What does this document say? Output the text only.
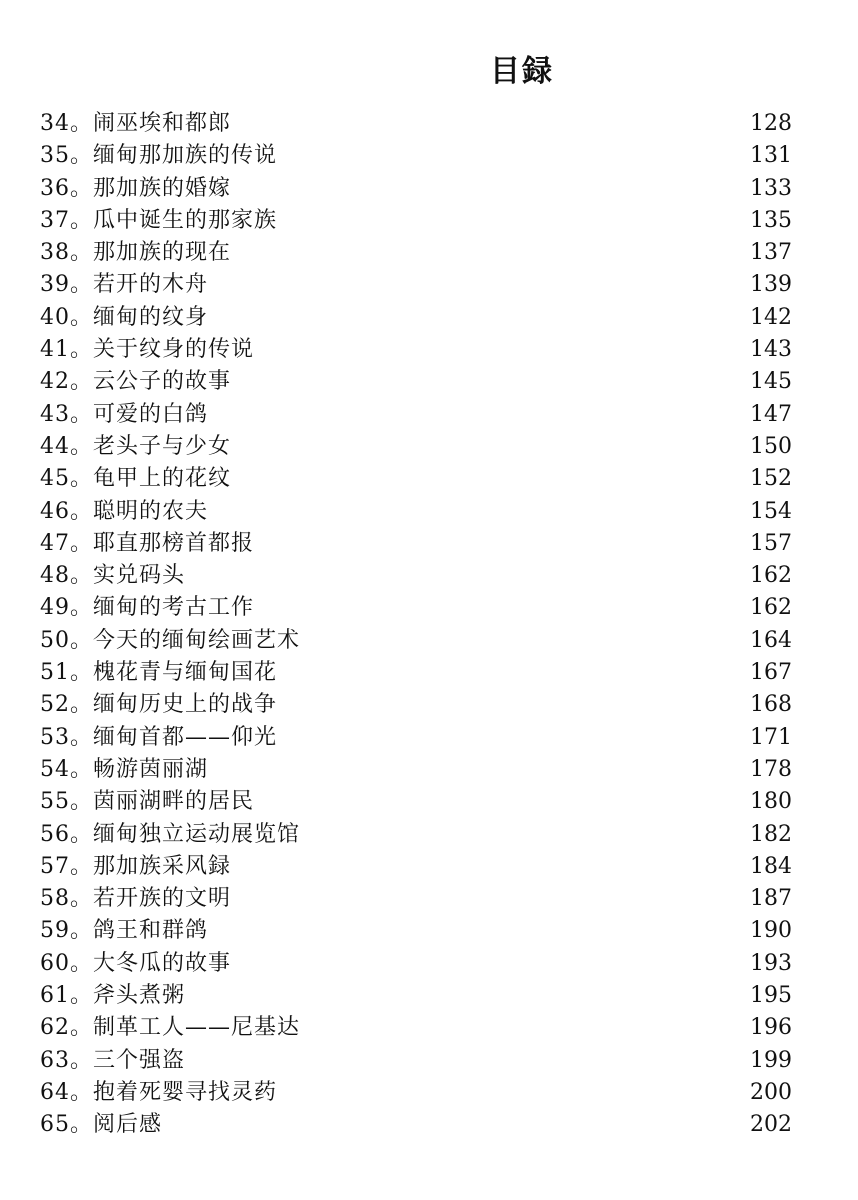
目録
34。闹巫埃和都郎	128
35。缅甸那加族的传说	131
36。那加族的婚嫁	133
37。瓜中诞生的那家族	135
38。那加族的现在	137
39。若开的木舟	139
40。缅甸的纹身	142
41。关于纹身的传说	143
42。云公子的故事	145
43。可爱的白鸽	147
44。老头子与少女	150
45。龟甲上的花纹	152
46。聪明的农夫	154
47。耶直那榜首都报	157
48。实兑码头	162
49。缅甸的考古工作	162
50。今天的缅甸绘画艺术	164
51。槐花青与缅甸国花	167
52。缅甸历史上的战争	168
53。缅甸首都——仰光	171
54。畅游茵丽湖	178
55。茵丽湖畔的居民	180
56。缅甸独立运动展览馆	182
57。那加族采风録	184
58。若开族的文明	187
59。鸽王和群鸽	190
60。大冬瓜的故事	193
61。斧头煮粥	195
62。制革工人——尼基达	196
63。三个强盗	199
64。抱着死婴寻找灵药	200
65。阅后感	202
